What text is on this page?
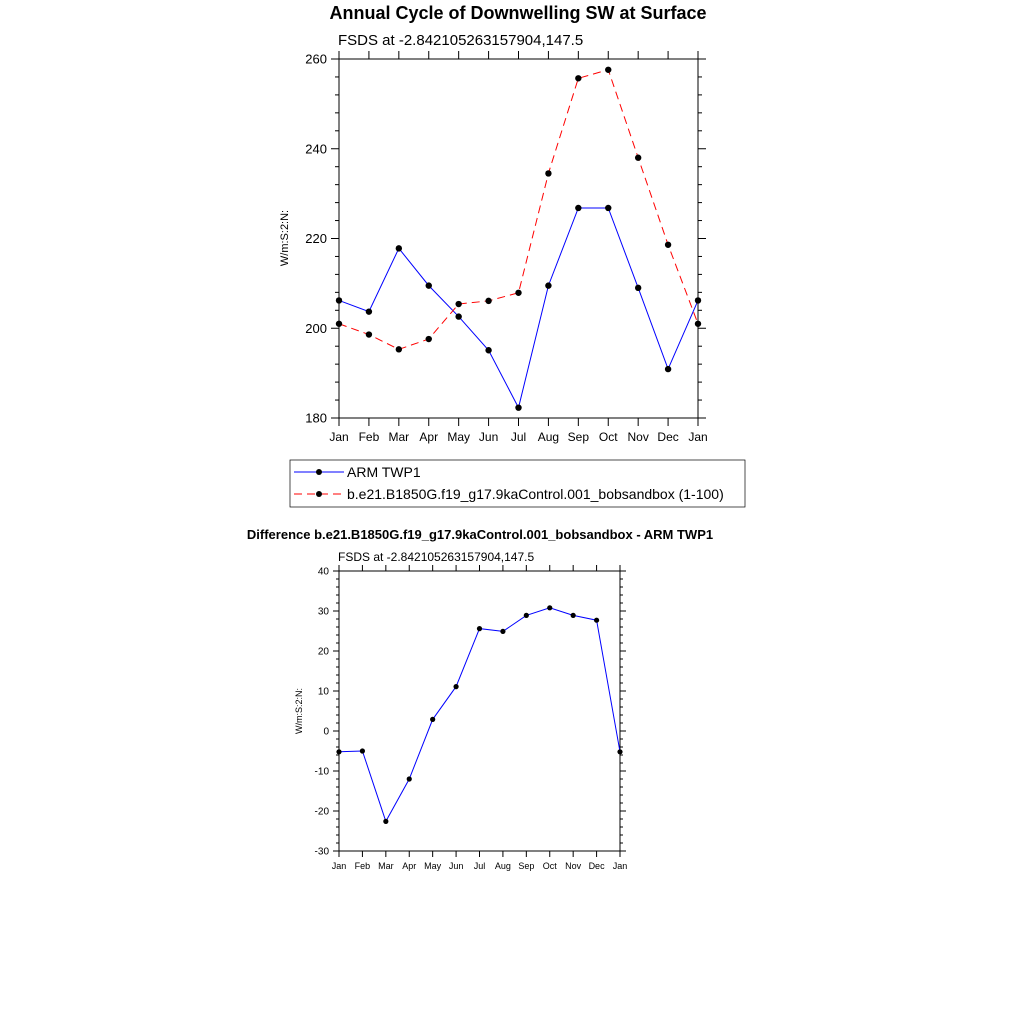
Annual Cycle of Downwelling SW at Surface
FSDS at -2.842105263157904,147.5
W/m:S:2:N:
180
200
220
240
260
Jan Feb Mar Apr May Jun Jul Aug Sep Oct Nov Dec Jan
ARM TWP1
b.e21.B1850G.f19_g17.9kaControl.001_bobsandbox (1-100)
Difference b.e21.B1850G.f19_g17.9kaControl.001_bobsandbox - ARM TWP1
FSDS at -2.842105263157904,147.5
W/m:S:2:N:
-30
-20
-10
0
10
20
30
40
Jan Feb Mar Apr May Jun Jul Aug Sep Oct Nov Dec Jan
